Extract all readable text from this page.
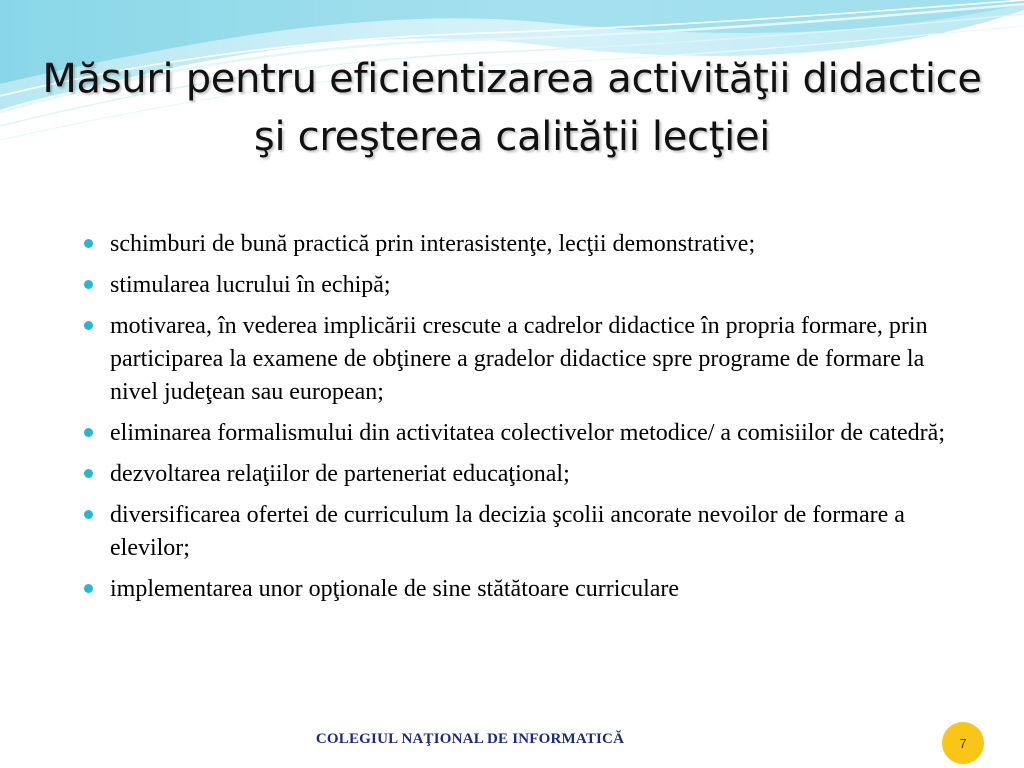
Măsuri pentru eficientizarea activităţii didactice şi creşterea calităţii lecţiei
schimburi de bună practică prin interasistenţe, lecţii demonstrative;
stimularea lucrului în echipă;
motivarea, în vederea implicării crescute a cadrelor didactice în propria formare, prin participarea la examene de obţinere a gradelor didactice spre programe de formare la nivel judeţean sau european;
eliminarea formalismului din activitatea colectivelor metodice/ a comisiilor de catedră;
dezvoltarea relaţiilor de parteneriat educaţional;
diversificarea ofertei de curriculum la decizia şcolii ancorate nevoilor de formare a elevilor;
implementarea unor opţionale de sine stătătoare curriculare
COLEGIUL NAŢIONAL DE INFORMATICĂ	7
